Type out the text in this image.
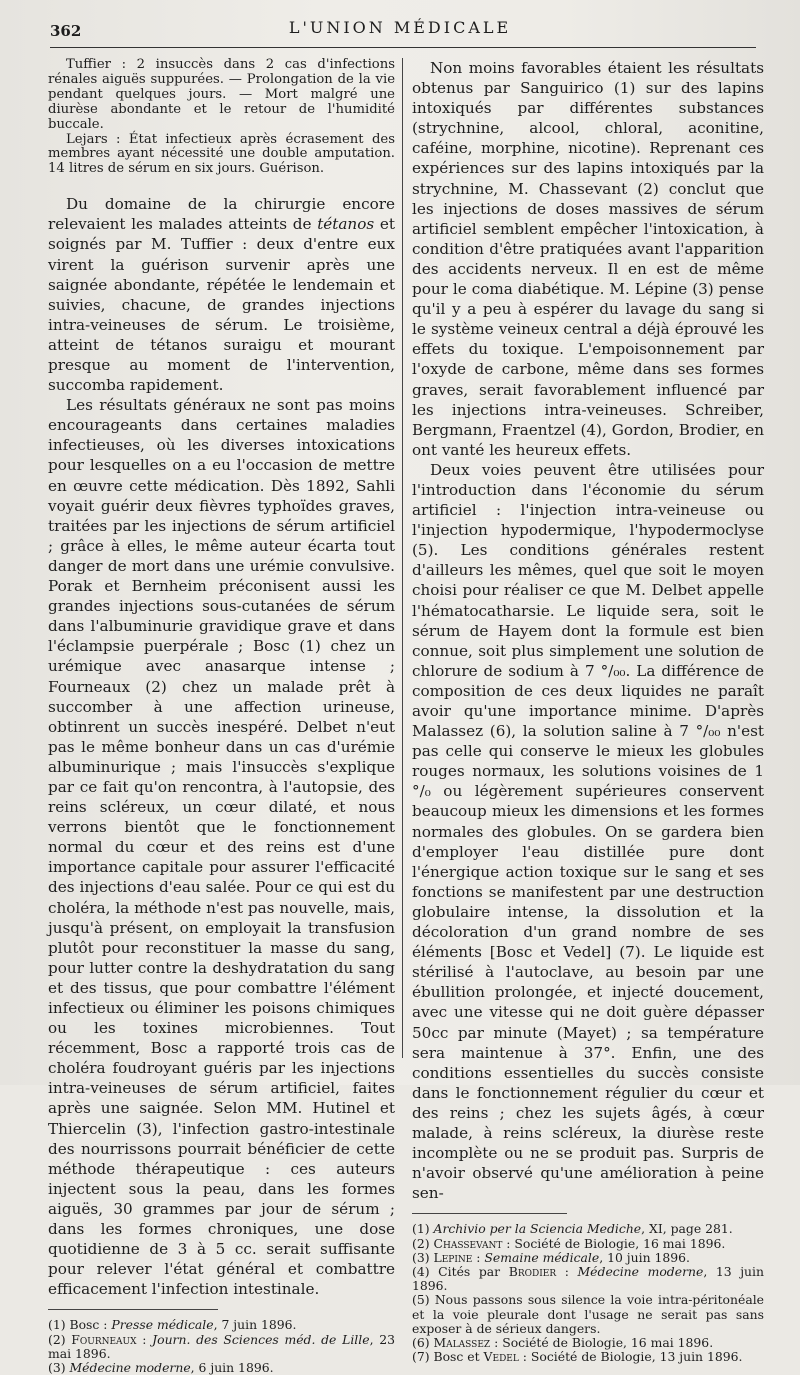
362	L'UNION MÉDICALE

Tuffier : 2 insuccès dans 2 cas d'infections rénales aiguës suppurées. — Prolongation de la vie pendant quelques jours. — Mort malgré une diurèse abondante et le retour de l'humidité buccale.

Lejars : État infectieux après écrasement des membres ayant nécessité une double amputation. 14 litres de sérum en six jours. Guérison.

Du domaine de la chirurgie encore relevaient les malades atteints de tétanos et soignés par M. Tuffier : deux d'entre eux virent la guérison survenir après une saignée abondante, répétée le lendemain et suivies, chacune, de grandes injections intra-veineuses de sérum. Le troisième, atteint de tétanos suraigu et mourant presque au moment de l'intervention, succomba rapidement.

Les résultats généraux ne sont pas moins encourageants dans certaines maladies infectieuses, où les diverses intoxications pour lesquelles on a eu l'occasion de mettre en œuvre cette médication. Dès 1892, Sahli voyait guérir deux fièvres typhoïdes graves, traitées par les injections de sérum artificiel ; grâce à elles, le même auteur écarta tout danger de mort dans une urémie convulsive. Porak et Bernheim préconisent aussi les grandes injections sous-cutanées de sérum dans l'albuminurie gravidique grave et dans l'éclampsie puerpérale ; Bosc (1) chez un urémique avec anasarque intense ; Fourneaux (2) chez un malade prêt à succomber à une affection urineuse, obtinrent un succès inespéré. Delbet n'eut pas le même bonheur dans un cas d'urémie albuminurique ; mais l'insuccès s'explique par ce fait qu'on rencontra, à l'autopsie, des reins scléreux, un cœur dilaté, et nous verrons bientôt que le fonctionnement normal du cœur et des reins est d'une importance capitale pour assurer l'efficacité des injections d'eau salée. Pour ce qui est du choléra, la méthode n'est pas nouvelle, mais, jusqu'à présent, on employait la transfusion plutôt pour reconstituer la masse du sang, pour lutter contre la deshydratation du sang et des tissus, que pour combattre l'élément infectieux ou éliminer les poisons chimiques ou les toxines microbiennes. Tout récemment, Bosc a rapporté trois cas de choléra foudroyant guéris par les injections intra-veineuses de sérum artificiel, faites après une saignée. Selon MM. Hutinel et Thiercelin (3), l'infection gastro-intestinale des nourrissons pourrait bénéficier de cette méthode thérapeutique : ces auteurs injectent sous la peau, dans les formes aiguës, 30 grammes par jour de sérum ; dans les formes chroniques, une dose quotidienne de 3 à 5 cc. serait suffisante pour relever l'état général et combattre efficacement l'infection intestinale.

(1) Bosc : Presse médicale, 7 juin 1896.

(2) Fourneaux : Journ. des Sciences méd. de Lille, 23 mai 1896.

(3) Médecine moderne, 6 juin 1896.

Non moins favorables étaient les résultats obtenus par Sanguirico (1) sur des lapins intoxiqués par différentes substances (strychnine, alcool, chloral, aconitine, caféine, morphine, nicotine). Reprenant ces expériences sur des lapins intoxiqués par la strychnine, M. Chassevant (2) conclut que les injections de doses massives de sérum artificiel semblent empêcher l'intoxication, à condition d'être pratiquées avant l'apparition des accidents nerveux. Il en est de même pour le coma diabétique. M. Lépine (3) pense qu'il y a peu à espérer du lavage du sang si le système veineux central a déjà éprouvé les effets du toxique. L'empoisonnement par l'oxyde de carbone, même dans ses formes graves, serait favorablement influencé par les injections intra-veineuses. Schreiber, Bergmann, Fraentzel (4), Gordon, Brodier, en ont vanté les heureux effets.

Deux voies peuvent être utilisées pour l'introduction dans l'économie du sérum artificiel : l'injection intra-veineuse ou l'injection hypodermique, l'hypodermoclyse (5). Les conditions générales restent d'ailleurs les mêmes, quel que soit le moyen choisi pour réaliser ce que M. Delbet appelle l'hématocatharsie. Le liquide sera, soit le sérum de Hayem dont la formule est bien connue, soit plus simplement une solution de chlorure de sodium à 7 °/₀₀. La différence de composition de ces deux liquides ne paraît avoir qu'une importance minime. D'après Malassez (6), la solution saline à 7 °/₀₀ n'est pas celle qui conserve le mieux les globules rouges normaux, les solutions voisines de 1 °/₀ ou légèrement supérieures conservent beaucoup mieux les dimensions et les formes normales des globules. On se gardera bien d'employer l'eau distillée pure dont l'énergique action toxique sur le sang et ses fonctions se manifestent par une destruction globulaire intense, la dissolution et la décoloration d'un grand nombre de ses éléments [Bosc et Vedel] (7). Le liquide est stérilisé à l'autoclave, au besoin par une ébullition prolongée, et injecté doucement, avec une vitesse qui ne doit guère dépasser 50cc par minute (Mayet) ; sa température sera maintenue à 37°. Enfin, une des conditions essentielles du succès consiste dans le fonctionnement régulier du cœur et des reins ; chez les sujets âgés, à cœur malade, à reins scléreux, la diurèse reste incomplète ou ne se produit pas. Surpris de n'avoir observé qu'une amélioration à peine sen-

(1) Archivio per la Sciencia Mediche, XI, page 281.

(2) Chassevant : Société de Biologie, 16 mai 1896.

(3) Lepine : Semaine médicale, 10 juin 1896.

(4) Cités par Brodier : Médecine moderne, 13 juin 1896.

(5) Nous passons sous silence la voie intra-péritonéale et la voie pleurale dont l'usage ne serait pas sans exposer à de sérieux dangers.

(6) Malassez : Société de Biologie, 16 mai 1896.

(7) Bosc et Vedel : Société de Biologie, 13 juin 1896.
